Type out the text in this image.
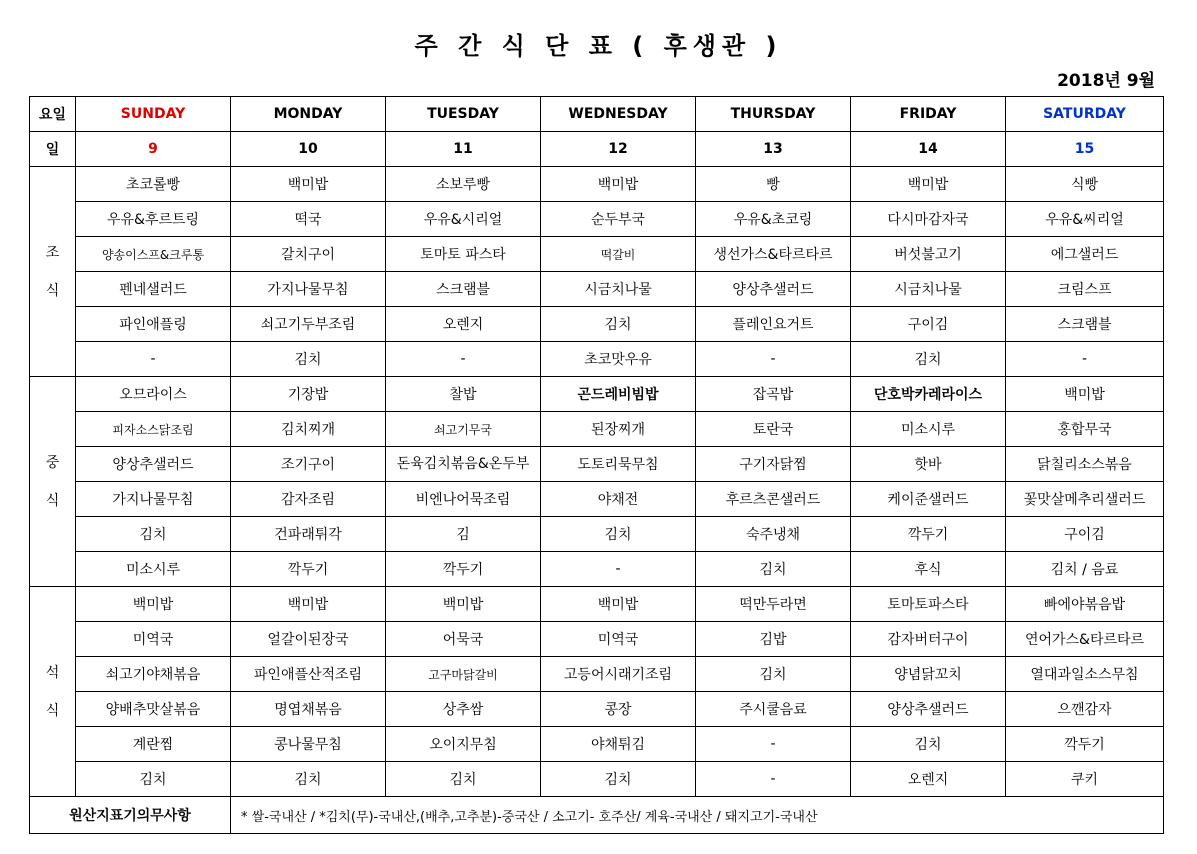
주 간 식 단 표 ( 후생관 )
2018년 9월
요일	SUNDAY	MONDAY	TUESDAY	WEDNESDAY	THURSDAY	FRIDAY	SATURDAY
일	9	10	11	12	13	14	15

조
식	초코롤빵	백미밥	소보루빵	백미밥	빵	백미밥	식빵
	우유&후르트링	떡국	우유&시리얼	순두부국	우유&초코링	다시마감자국	우유&씨리얼
	양송이스프&크루통	갈치구이	토마토 파스타	떡갈비	생선가스&타르타르	버섯불고기	에그샐러드
	펜네샐러드	가지나물무침	스크램블	시금치나물	양상추샐러드	시금치나물	크림스프
	파인애플링	쇠고기두부조림	오렌지	김치	플레인요거트	구이김	스크램블
	-	김치	-	초코맛우유	-	김치	-

중
식	오므라이스	기장밥	찰밥	곤드레비빔밥	잡곡밥	단호박카레라이스	백미밥
	피자소스닭조림	김치찌개	쇠고기무국	된장찌개	토란국	미소시루	홍합무국
	양상추샐러드	조기구이	돈육김치볶음&온두부	도토리묵무침	구기자닭찜	핫바	닭칠리소스볶음
	가지나물무침	감자조림	비엔나어묵조림	야채전	후르츠콘샐러드	케이준샐러드	꽃맛살메추리샐러드
	김치	건파래튀각	김	김치	숙주냉채	깍두기	구이김
	미소시루	깍두기	깍두기	-	김치	후식	김치 / 음료

석
식	백미밥	백미밥	백미밥	백미밥	떡만두라면	토마토파스타	빠에야볶음밥
	미역국	얼갈이된장국	어묵국	미역국	김밥	감자버터구이	연어가스&타르타르
	쇠고기야채볶음	파인애플산적조림	고구마닭갈비	고등어시래기조림	김치	양념닭꼬치	열대과일소스무침
	양배추맛살볶음	명엽채볶음	상추쌈	콩장	주시쿨음료	양상추샐러드	으깬감자
	계란찜	콩나물무침	오이지무침	야채튀김	-	김치	깍두기
	김치	김치	김치	김치	-	오렌지	쿠키
원산지표기의무사항		* 쌀-국내산 / *김치(무)-국내산,(배추,고추분)-중국산 / 소고기- 호주산/ 계육-국내산 / 돼지고기-국내산					
